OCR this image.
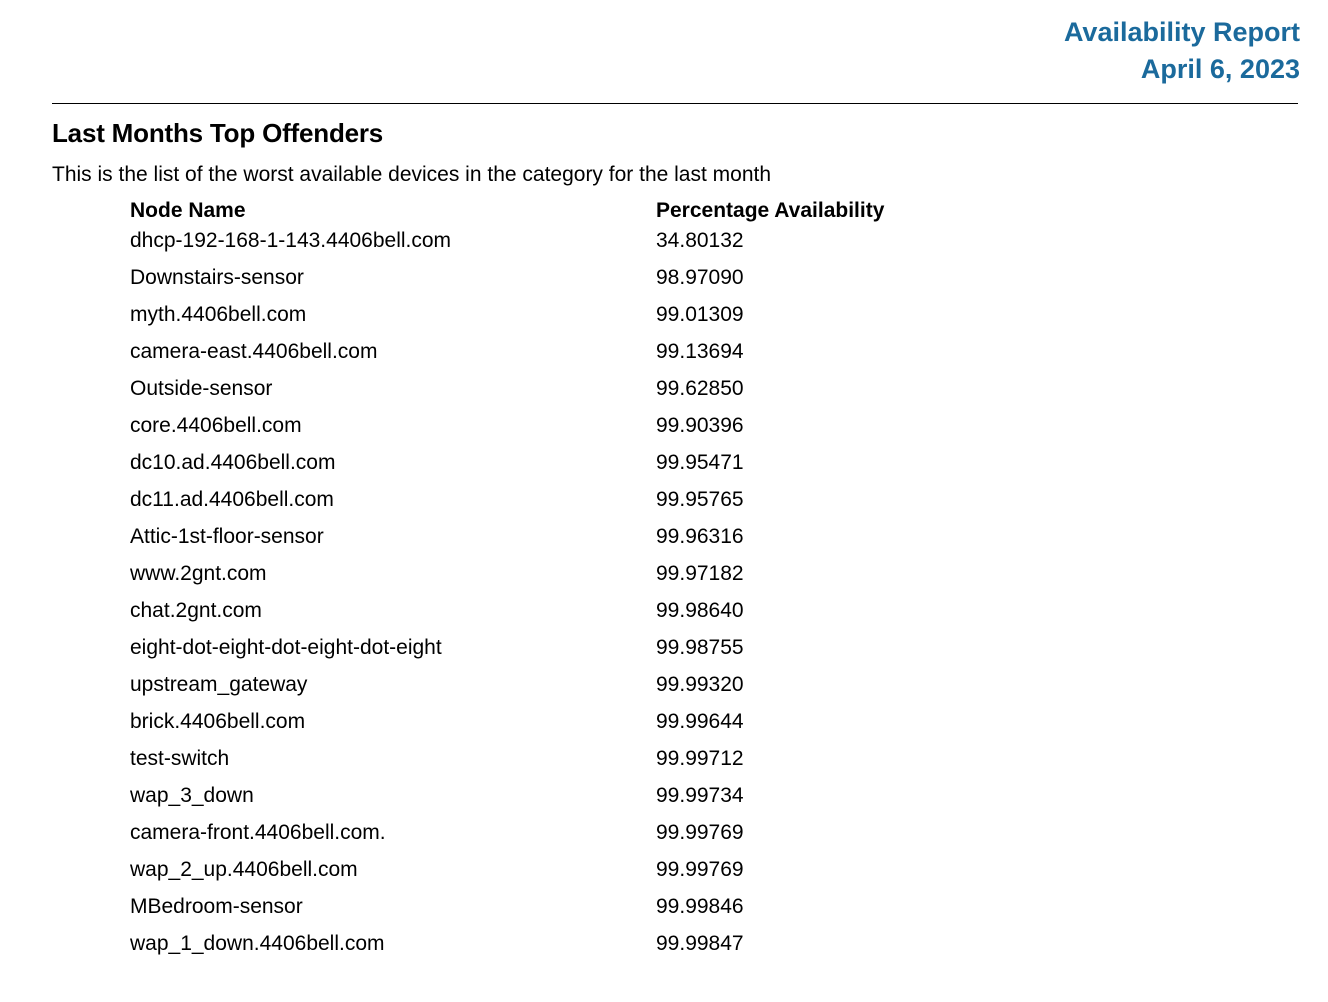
Availability Report
April 6, 2023
Last Months Top Offenders

This is the list of the worst available devices in the category for the last month

Node Name	Percentage Availability
dhcp-192-168-1-143.4406bell.com	34.80132
Downstairs-sensor	98.97090
myth.4406bell.com	99.01309
camera-east.4406bell.com	99.13694
Outside-sensor	99.62850
core.4406bell.com	99.90396
dc10.ad.4406bell.com	99.95471
dc11.ad.4406bell.com	99.95765
Attic-1st-floor-sensor	99.96316
www.2gnt.com	99.97182
chat.2gnt.com	99.98640
eight-dot-eight-dot-eight-dot-eight	99.98755
upstream_gateway	99.99320
brick.4406bell.com	99.99644
test-switch	99.99712
wap_3_down	99.99734
camera-front.4406bell.com.	99.99769
wap_2_up.4406bell.com	99.99769
MBedroom-sensor	99.99846
wap_1_down.4406bell.com	99.99847
